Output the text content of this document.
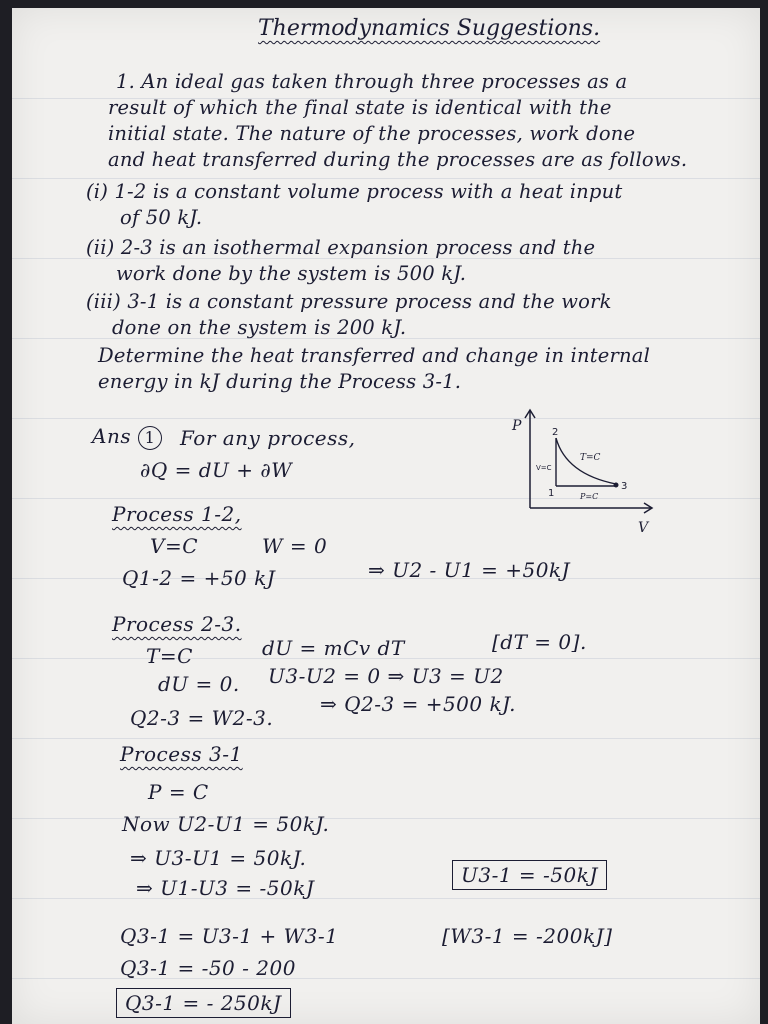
Thermodynamics Suggestions.
1. An ideal gas taken through three processes as a
result of which the final state is identical with the
initial state. The nature of the processes, work done
and heat transferred during the processes are as follows.
(i) 1-2 is a constant volume process with a heat input
of 50 kJ.
(ii) 2-3 is an isothermal expansion process and the
work done by the system is 500 kJ.
(iii) 3-1 is a constant pressure process and the work
done on the system is 200 kJ.
Determine the heat transferred and change in internal
energy in kJ during the Process 3-1.
Ans 1	For any process,
∂Q = dU + ∂W
P
V
2
1
3
T=C
V=C
P=C
Process 1-2,
V=C	W = 0
Q1-2 = +50 kJ	⇒ U2 - U1 = +50kJ
Process 2-3.
T=C	dU = mCv dT	[dT = 0].
dU = 0. U3-U2 = 0 ⇒ U3 = U2
Q2-3 = W2-3.
⇒ Q2-3 = +500 kJ.
Process 3-1
P = C
Now U2-U1 = 50kJ.
⇒ U3-U1 = 50kJ.
⇒ U1-U3 = -50kJ
U3-1 = -50kJ
Q3-1 = U3-1 + W3-1	[W3-1 = -200kJ]
Q3-1 = -50 - 200
Q3-1 = - 250kJ
